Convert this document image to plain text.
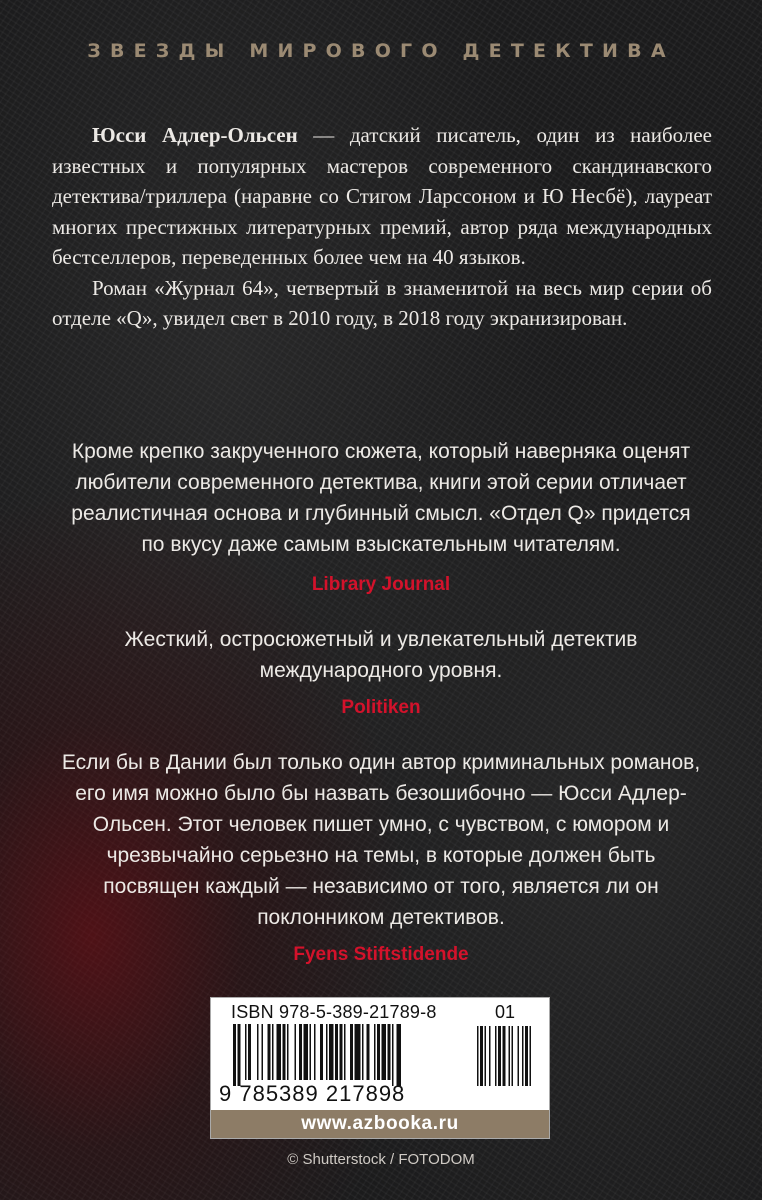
ЗВЕЗДЫ МИРОВОГО ДЕТЕКТИВА

Юсси Адлер-Ольсен — датский писатель, один из наиболее известных и популярных мастеров современного скандинавского детектива/триллера (наравне со Стигом Ларссоном и Ю Несбё), лауреат многих престижных литературных премий, автор ряда международных бестселлеров, переведенных более чем на 40 языков.

Роман «Журнал 64», четвертый в знаменитой на весь мир серии об отделе «Q», увидел свет в 2010 году, в 2018 году экранизирован.

Кроме крепко закрученного сюжета, который наверняка оценят любители современного детектива, книги этой серии отличает реалистичная основа и глубинный смысл. «Отдел Q» придется по вкусу даже самым взыскательным читателям.
Library Journal
Жесткий, остросюжетный и увлекательный детектив международного уровня.
Politiken
Если бы в Дании был только один автор криминальных романов, его имя можно было бы назвать безошибочно — Юсси Адлер-Ольсен. Этот человек пишет умно, с чувством, с юмором и чрезвычайно серьезно на темы, в которые должен быть посвящен каждый — независимо от того, является ли он поклонником детективов.
Fyens Stiftstidende
ISBN 978-5-389-21789-8	01
9 785389 217898
www.azbooka.ru
© Shutterstock / FOTODOM
